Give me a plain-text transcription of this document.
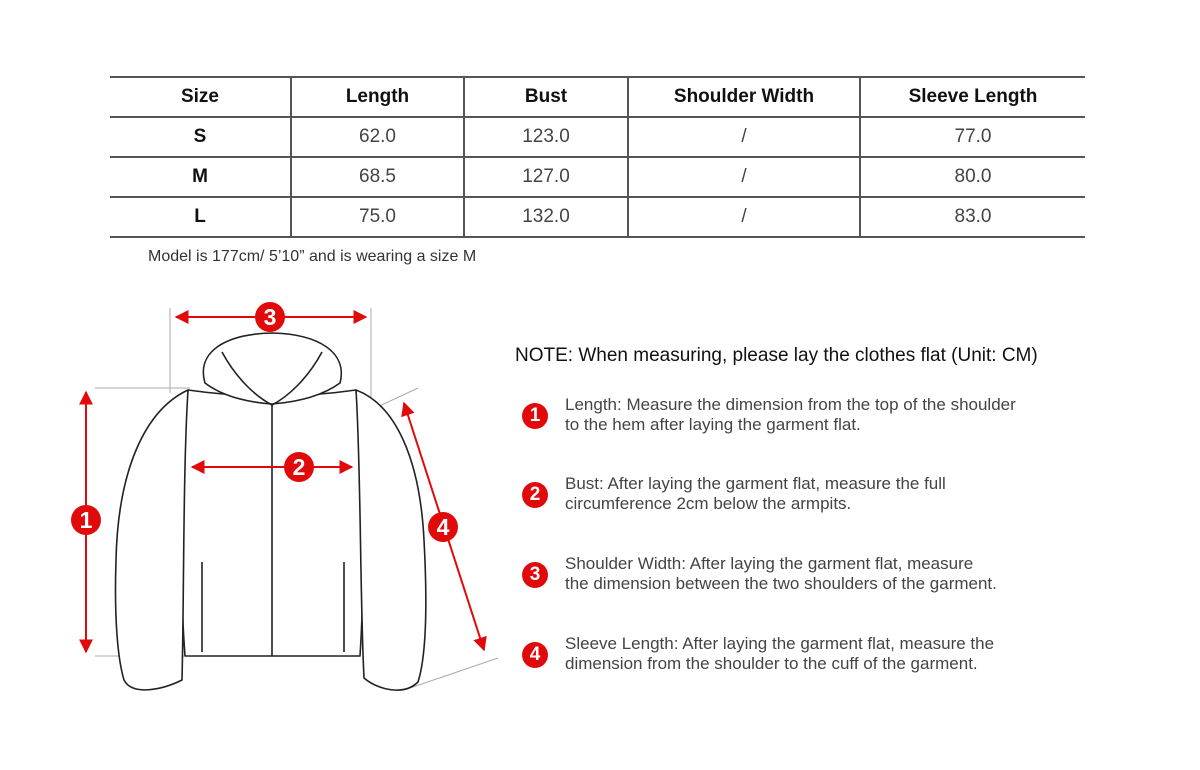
Size	Length	Bust	Shoulder Width	Sleeve Length
S	62.0	123.0	/	77.0
M	68.5	127.0	/	80.0
L	75.0	132.0	/	83.0
Model is 177cm/ 5’10” and is wearing a size M
1
2
3
4
NOTE: When measuring, please lay the clothes flat (Unit: CM)
1
Length: Measure the dimension from the top of the shoulder
to the hem after laying the garment flat.
2
Bust: After laying the garment flat, measure the full
circumference 2cm below the armpits.
3
Shoulder Width: After laying the garment flat, measure
the dimension between the two shoulders of the garment.
4
Sleeve Length: After laying the garment flat, measure the
dimension from the shoulder to the cuff of the garment.
